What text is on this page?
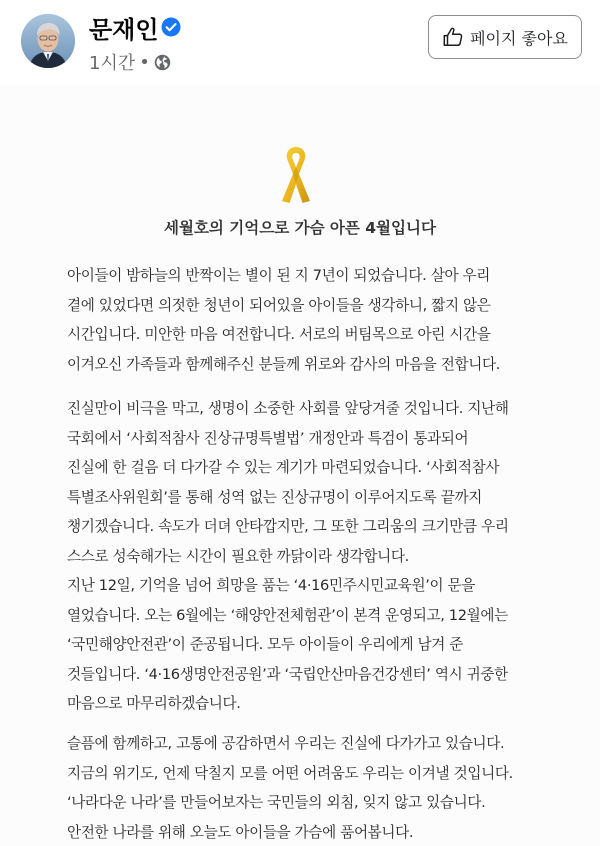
문재인
1시간 •
페이지 좋아요
세월호의 기억으로 가슴 아픈 4월입니다

아이들이 밤하늘의 반짝이는 별이 된 지 7년이 되었습니다. 살아 우리
곁에 있었다면 의젓한 청년이 되어있을 아이들을 생각하니, 짧지 않은
시간입니다. 미안한 마음 여전합니다. 서로의 버팀목으로 아린 시간을
이겨오신 가족들과 함께해주신 분들께 위로와 감사의 마음을 전합니다.

진실만이 비극을 막고, 생명이 소중한 사회를 앞당겨줄 것입니다. 지난해
국회에서 ‘사회적참사 진상규명특별법’ 개정안과 특검이 통과되어
진실에 한 걸음 더 다가갈 수 있는 계기가 마련되었습니다. ‘사회적참사
특별조사위원회’를 통해 성역 없는 진상규명이 이루어지도록 끝까지
챙기겠습니다. 속도가 더뎌 안타깝지만, 그 또한 그리움의 크기만큼 우리
스스로 성숙해가는 시간이 필요한 까닭이라 생각합니다.

지난 12일, 기억을 넘어 희망을 품는 ‘4·16민주시민교육원’이 문을
열었습니다. 오는 6월에는 ‘해양안전체험관’이 본격 운영되고, 12월에는
‘국민해양안전관’이 준공됩니다. 모두 아이들이 우리에게 남겨 준
것들입니다. ‘4·16생명안전공원’과 ‘국립안산마음건강센터’ 역시 귀중한
마음으로 마무리하겠습니다.

슬픔에 함께하고, 고통에 공감하면서 우리는 진실에 다가가고 있습니다.
지금의 위기도, 언제 닥칠지 모를 어떤 어려움도 우리는 이겨낼 것입니다.
‘나라다운 나라’를 만들어보자는 국민들의 외침, 잊지 않고 있습니다.
안전한 나라를 위해 오늘도 아이들을 가슴에 품어봅니다.
